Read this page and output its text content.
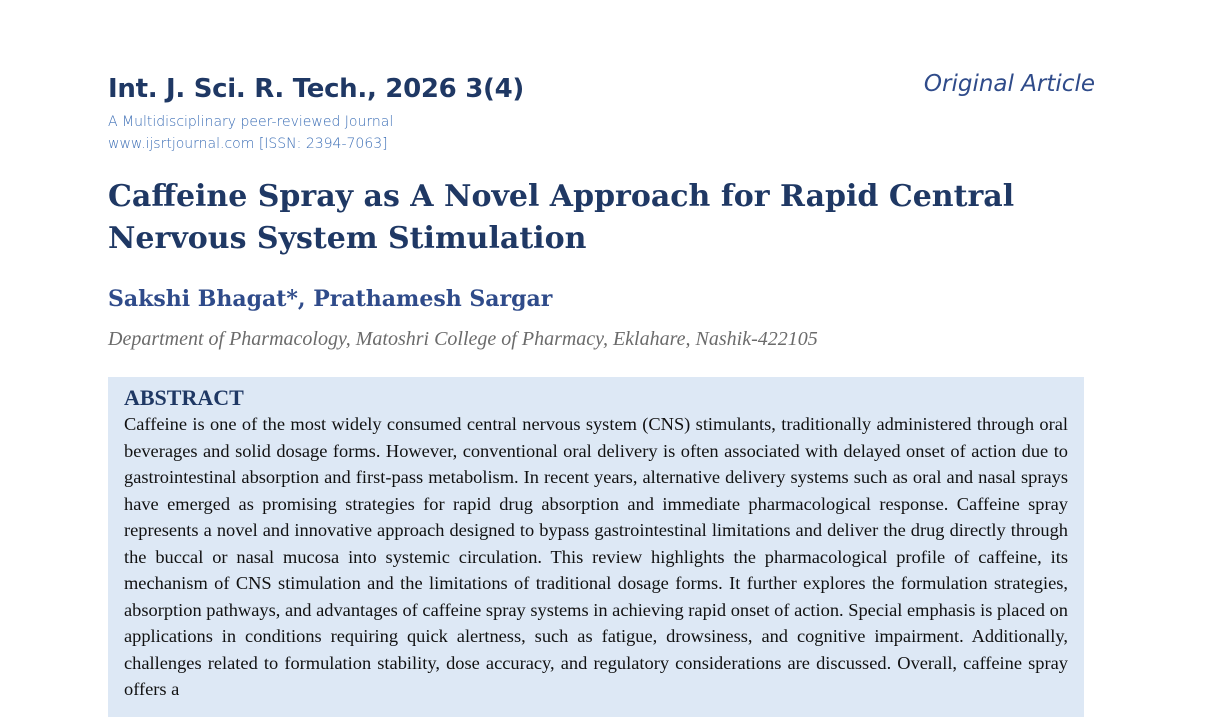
Int. J. Sci. R. Tech., 2026 3(4)	Original Article
A Multidisciplinary peer-reviewed Journal
www.ijsrtjournal.com [ISSN: 2394-7063]
Caffeine Spray as A Novel Approach for Rapid Central Nervous System Stimulation
Sakshi Bhagat*, Prathamesh Sargar
Department of Pharmacology, Matoshri College of Pharmacy, Eklahare, Nashik-422105
ABSTRACT

Caffeine is one of the most widely consumed central nervous system (CNS) stimulants, traditionally administered through oral beverages and solid dosage forms. However, conventional oral delivery is often associated with delayed onset of action due to gastrointestinal absorption and first-pass metabolism. In recent years, alternative delivery systems such as oral and nasal sprays have emerged as promising strategies for rapid drug absorption and immediate pharmacological response. Caffeine spray represents a novel and innovative approach designed to bypass gastrointestinal limitations and deliver the drug directly through the buccal or nasal mucosa into systemic circulation. This review highlights the pharmacological profile of caffeine, its mechanism of CNS stimulation and the limitations of traditional dosage forms. It further explores the formulation strategies, absorption pathways, and advantages of caffeine spray systems in achieving rapid onset of action. Special emphasis is placed on applications in conditions requiring quick alertness, such as fatigue, drowsiness, and cognitive impairment. Additionally, challenges related to formulation stability, dose accuracy, and regulatory considerations are discussed. Overall, caffeine spray offers a
